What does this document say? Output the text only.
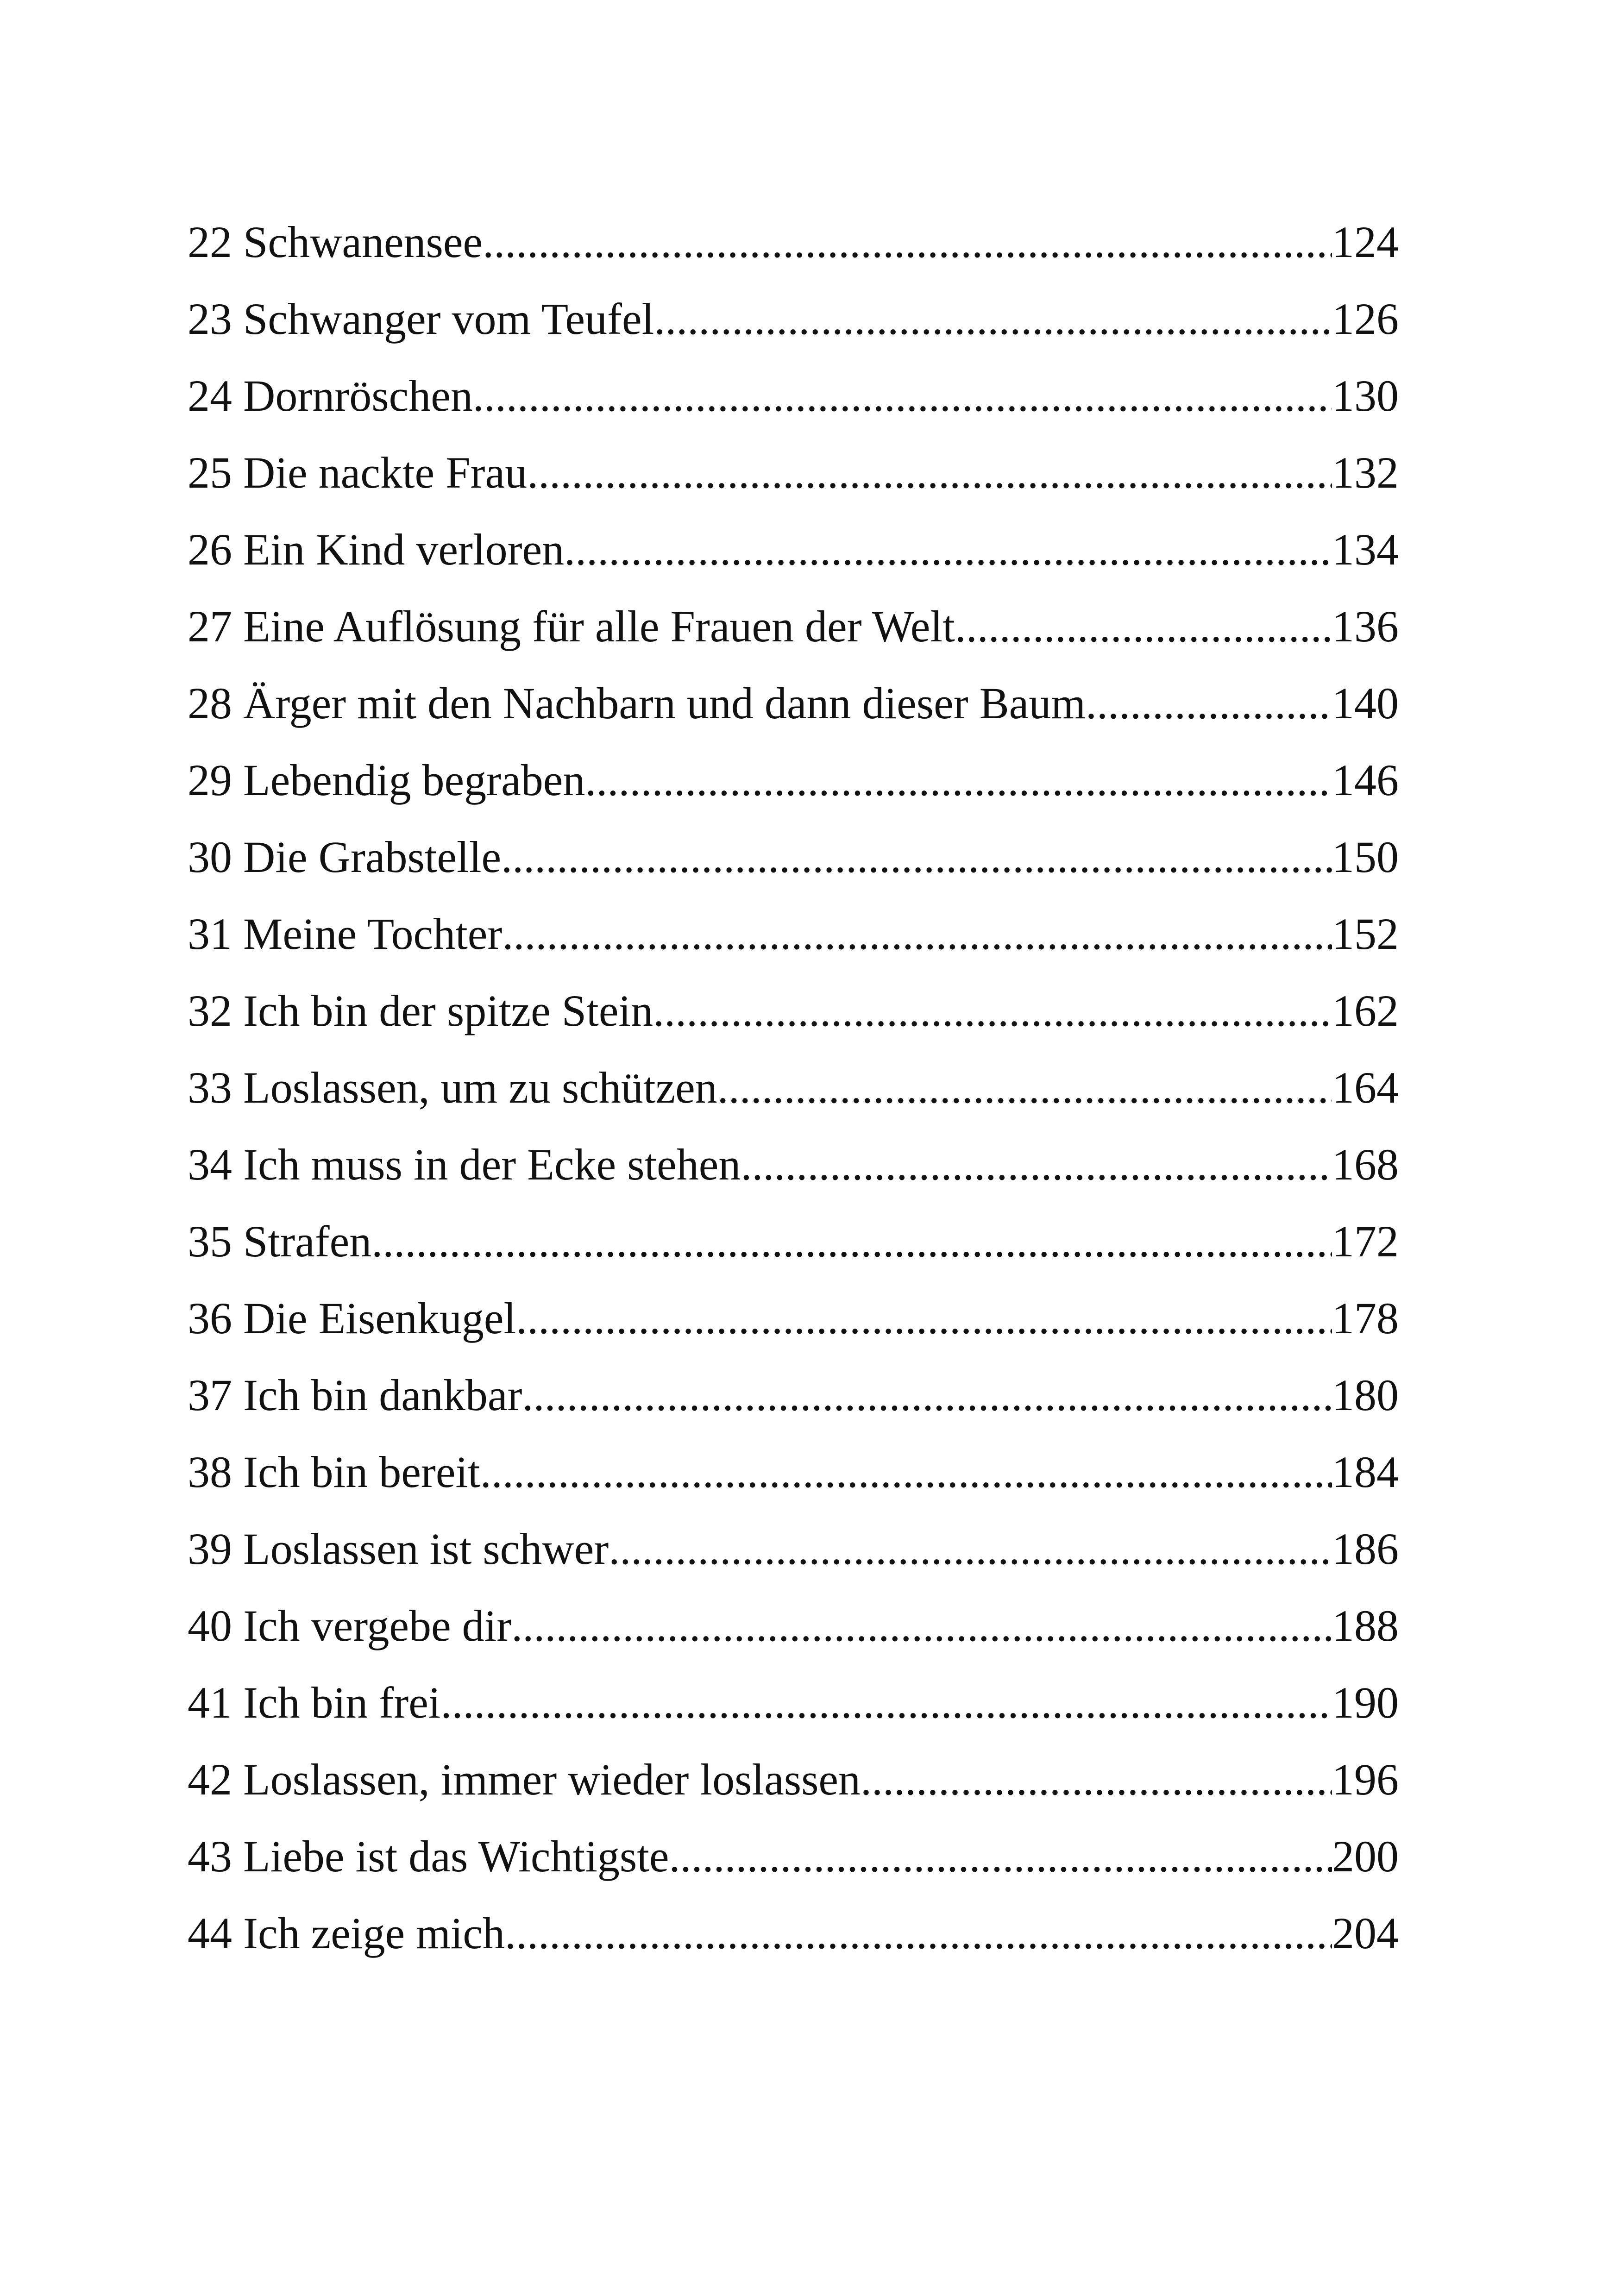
22 Schwanensee .....	124
23 Schwanger vom Teufel .....	126
24 Dornröschen .....	130
25 Die nackte Frau .....	132
26 Ein Kind verloren .....	134
27 Eine Auflösung für alle Frauen der Welt .....	136
28 Ärger mit den Nachbarn und dann dieser Baum .....	140
29 Lebendig begraben .....	146
30 Die Grabstelle .....	150
31 Meine Tochter .....	152
32 Ich bin der spitze Stein .....	162
33 Loslassen, um zu schützen .....	164
34 Ich muss in der Ecke stehen .....	168
35 Strafen .....	172
36 Die Eisenkugel .....	178
37 Ich bin dankbar .....	180
38 Ich bin bereit .....	184
39 Loslassen ist schwer .....	186
40 Ich vergebe dir .....	188
41 Ich bin frei .....	190
42 Loslassen, immer wieder loslassen .....	196
43 Liebe ist das Wichtigste .....	200
44 Ich zeige mich .....	204
